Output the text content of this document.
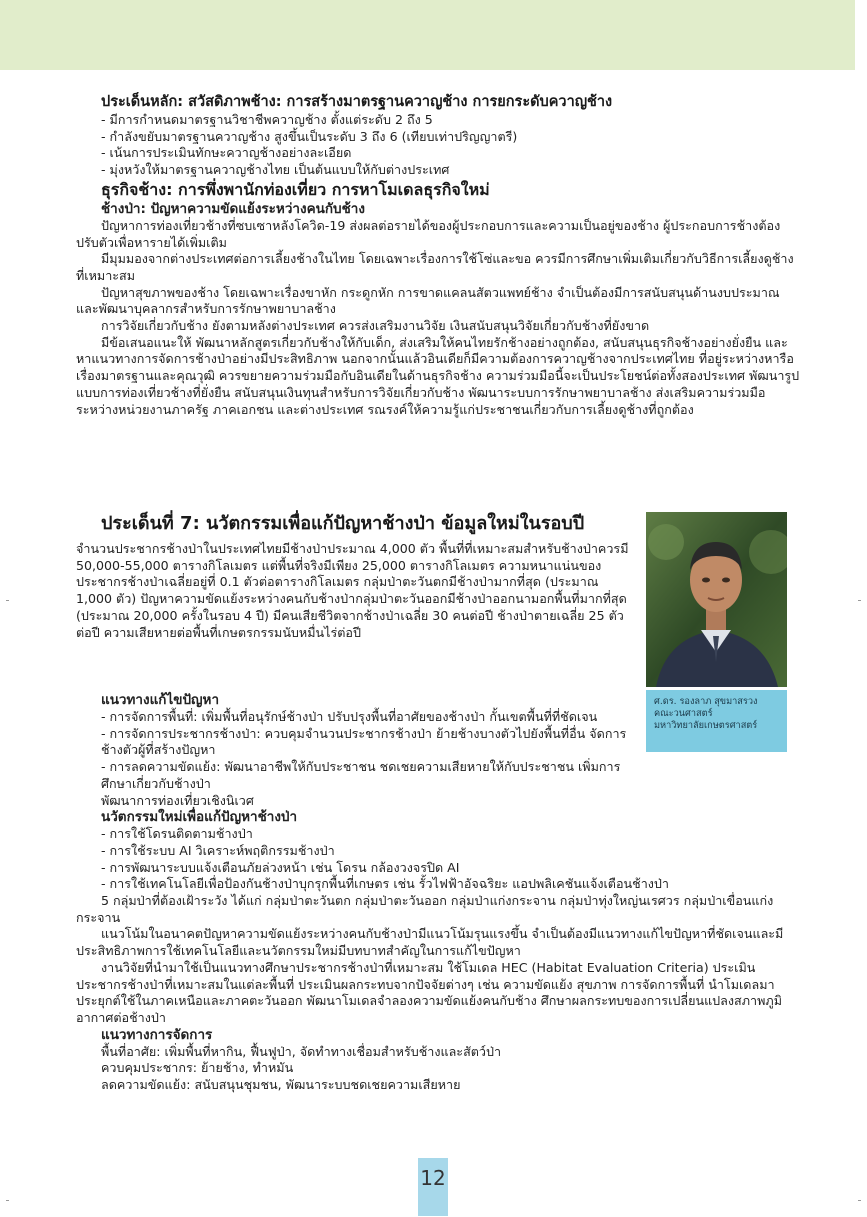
ประเด็นหลัก: สวัสดิภาพช้าง: การสร้างมาตรฐานควาญช้าง การยกระดับควาญช้าง

- มีการกำหนดมาตรฐานวิชาชีพควาญช้าง ตั้งแต่ระดับ 2 ถึง 5

- กำลังขยับมาตรฐานควาญช้าง สูงขึ้นเป็นระดับ 3 ถึง 6 (เทียบเท่าปริญญาตรี)

- เน้นการประเมินทักษะควาญช้างอย่างละเอียด

- มุ่งหวังให้มาตรฐานควาญช้างไทย เป็นต้นแบบให้กับต่างประเทศ

ธุรกิจช้าง: การพึ่งพานักท่องเที่ยว การหาโมเดลธุรกิจใหม่

ช้างป่า: ปัญหาความขัดแย้งระหว่างคนกับช้าง

ปัญหาการท่องเที่ยวช้างที่ซบเซาหลังโควิด-19 ส่งผลต่อรายได้ของผู้ประกอบการและความเป็นอยู่ของช้าง ผู้ประกอบการช้างต้องปรับตัวเพื่อหารายได้เพิ่มเติม

มีมุมมองจากต่างประเทศต่อการเลี้ยงช้างในไทย โดยเฉพาะเรื่องการใช้โซ่และขอ ควรมีการศึกษาเพิ่มเติมเกี่ยวกับวิธีการเลี้ยงดูช้างที่เหมาะสม

ปัญหาสุขภาพของช้าง โดยเฉพาะเรื่องขาหัก กระดูกหัก การขาดแคลนสัตวแพทย์ช้าง จำเป็นต้องมีการสนับสนุนด้านงบประมาณและพัฒนาบุคลากรสำหรับการรักษาพยาบาลช้าง

การวิจัยเกี่ยวกับช้าง ยังตามหลังต่างประเทศ ควรส่งเสริมงานวิจัย เงินสนับสนุนวิจัยเกี่ยวกับช้างที่ยังขาด

มีข้อเสนอแนะให้ พัฒนาหลักสูตรเกี่ยวกับช้างให้กับเด็ก, ส่งเสริมให้คนไทยรักช้างอย่างถูกต้อง, สนับสนุนธุรกิจช้างอย่างยั่งยืน และหาแนวทางการจัดการช้างป่าอย่างมีประสิทธิภาพ นอกจากนั้นแล้วอินเดียก็มีความต้องการควาญช้างจากประเทศไทย ที่อยู่ระหว่างหารือเรื่องมาตรฐานและคุณวุฒิ ควรขยายความร่วมมือกับอินเดียในด้านธุรกิจช้าง ความร่วมมือนี้จะเป็นประโยชน์ต่อทั้งสองประเทศ พัฒนารูปแบบการท่องเที่ยวช้างที่ยั่งยืน สนับสนุนเงินทุนสำหรับการวิจัยเกี่ยวกับช้าง พัฒนาระบบการรักษาพยาบาลช้าง ส่งเสริมความร่วมมือระหว่างหน่วยงานภาครัฐ ภาคเอกชน และต่างประเทศ รณรงค์ให้ความรู้แก่ประชาชนเกี่ยวกับการเลี้ยงดูช้างที่ถูกต้อง

ประเด็นที่ 7: นวัตกรรมเพื่อแก้ปัญหาช้างป่า ข้อมูลใหม่ในรอบปี

จำนวนประชากรช้างป่าในประเทศไทยมีช้างป่าประมาณ 4,000 ตัว พื้นที่ที่เหมาะสมสำหรับช้างป่าควรมี 50,000-55,000 ตารางกิโลเมตร แต่พื้นที่จริงมีเพียง 25,000 ตารางกิโลเมตร ความหนาแน่นของประชากรช้างป่าเฉลี่ยอยู่ที่ 0.1 ตัวต่อตารางกิโลเมตร กลุ่มป่าตะวันตกมีช้างป่ามากที่สุด (ประมาณ 1,000 ตัว) ปัญหาความขัดแย้งระหว่างคนกับช้างป่ากลุ่มป่าตะวันออกมีช้างป่าออกนามอกพื้นที่มากที่สุด (ประมาณ 20,000 ครั้งในรอบ 4 ปี) มีคนเสียชีวิตจากช้างป่าเฉลี่ย 30 คนต่อปี ช้างป่าตายเฉลี่ย 25 ตัวต่อปี ความเสียหายต่อพื้นที่เกษตรกรรมนับหมื่นไร่ต่อปี

แนวทางแก้ไขปัญหา

- การจัดการพื้นที่: เพิ่มพื้นที่อนุรักษ์ช้างป่า ปรับปรุงพื้นที่อาศัยของช้างป่า กั้นเขตพื้นที่ที่ชัดเจน

- การจัดการประชากรช้างป่า: ควบคุมจำนวนประชากรช้างป่า ย้ายช้างบางตัวไปยังพื้นที่อื่น จัดการช้างตัวผู้ที่สร้างปัญหา

- การลดความขัดแย้ง: พัฒนาอาชีพให้กับประชาชน ชดเชยความเสียหายให้กับประชาชน เพิ่มการศึกษาเกี่ยวกับช้างป่า

พัฒนาการท่องเที่ยวเชิงนิเวศ

นวัตกรรมใหม่เพื่อแก้ปัญหาช้างป่า

- การใช้โดรนติดตามช้างป่า

- การใช้ระบบ AI วิเคราะห์พฤติกรรมช้างป่า

- การพัฒนาระบบแจ้งเตือนภัยล่วงหน้า เช่น โดรน กล้องวงจรปิด AI

- การใช้เทคโนโลยีเพื่อป้องกันช้างป่าบุกรุกพื้นที่เกษตร เช่น รั้วไฟฟ้าอัจฉริยะ แอปพลิเคชันแจ้งเตือนช้างป่า

5 กลุ่มป่าที่ต้องเฝ้าระวัง ได้แก่ กลุ่มป่าตะวันตก กลุ่มป่าตะวันออก กลุ่มป่าแก่งกระจาน กลุ่มป่าทุ่งใหญ่นเรศวร กลุ่มป่าเขื่อนแก่งกระจาน

แนวโน้มในอนาคตปัญหาความขัดแย้งระหว่างคนกับช้างป่ามีแนวโน้มรุนแรงขึ้น จำเป็นต้องมีแนวทางแก้ไขปัญหาที่ชัดเจนและมีประสิทธิภาพการใช้เทคโนโลยีและนวัตกรรมใหม่มีบทบาทสำคัญในการแก้ไขปัญหา

งานวิจัยที่นำมาใช้เป็นแนวทางศึกษาประชากรช้างป่าที่เหมาะสม ใช้โมเดล HEC (Habitat Evaluation Criteria) ประเมินประชากรช้างป่าที่เหมาะสมในแต่ละพื้นที่ ประเมินผลกระทบจากปัจจัยต่างๆ เช่น ความขัดแย้ง สุขภาพ การจัดการพื้นที่ นำโมเดลมาประยุกต์ใช้ในภาคเหนือและภาคตะวันออก พัฒนาโมเดลจำลองความขัดแย้งคนกับช้าง ศึกษาผลกระทบของการเปลี่ยนแปลงสภาพภูมิอากาศต่อช้างป่า

แนวทางการจัดการ

พื้นที่อาศัย: เพิ่มพื้นที่หากิน, ฟื้นฟูป่า, จัดทำทางเชื่อมสำหรับช้างและสัตว์ป่า

ควบคุมประชากร: ย้ายช้าง, ทำหมัน

ลดความขัดแย้ง: สนับสนุนชุมชน, พัฒนาระบบชดเชยความเสียหาย

ศ.ดร. รองลาภ สุขมาสรวง
คณะวนศาสตร์
มหาวิทยาลัยเกษตรศาสตร์
12
